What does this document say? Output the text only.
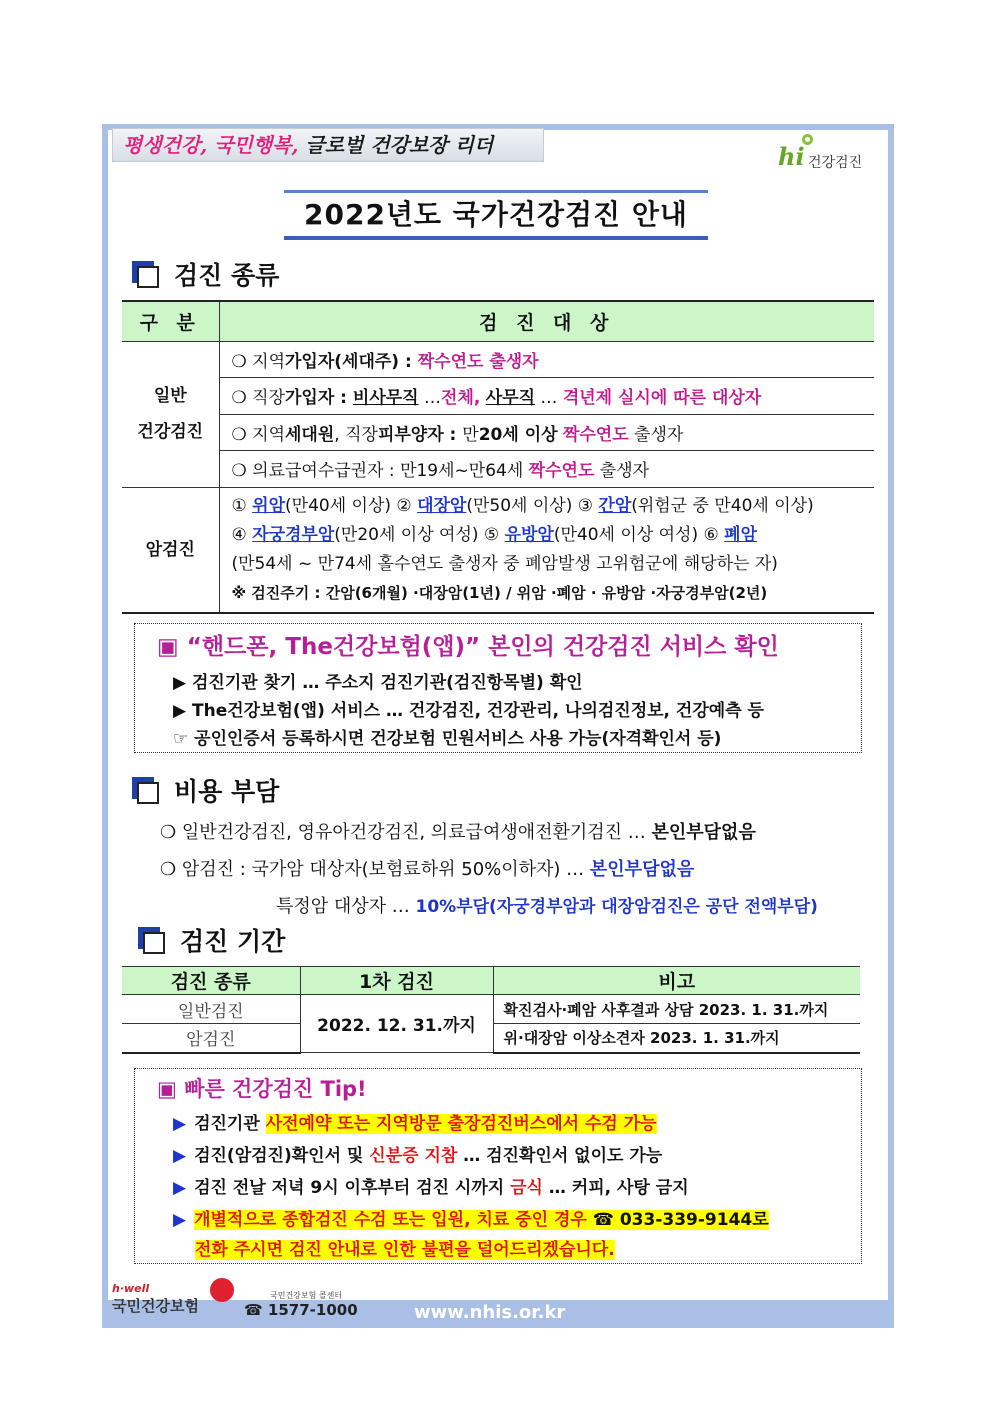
평생건강, 국민행복, 글로벌 건강보장 리더	hi 건강검진
2022년도 국가건강검진 안내
검진 종류
구 분	검 진 대 상
일반
건강검진	❍ 지역가입자(세대주) : 짝수연도 출생자
	❍ 직장가입자 : 비사무직 …전체, 사무직 … 격년제 실시에 따른 대상자
	❍ 지역세대원, 직장피부양자 : 만20세 이상 짝수연도 출생자
	❍ 의료급여수급권자 : 만19세~만64세 짝수연도 출생자
암검진	① 위암(만40세 이상) ② 대장암(만50세 이상) ③ 간암(위험군 중 만40세 이상)
④ 자궁경부암(만20세 이상 여성) ⑤ 유방암(만40세 이상 여성) ⑥ 폐암
(만54세 ~ 만74세 홀수연도 출생자 중 폐암발생 고위험군에 해당하는 자)
※ 검진주기 : 간암(6개월) ·대장암(1년) / 위암 ·폐암 · 유방암 ·자궁경부암(2년)
▣ “핸드폰, The건강보험(앱)” 본인의 건강검진 서비스 확인
▶ 검진기관 찾기 … 주소지 검진기관(검진항목별) 확인
▶ The건강보험(앱) 서비스 … 건강검진, 건강관리, 나의검진정보, 건강예측 등
☞ 공인인증서 등록하시면 건강보험 민원서비스 사용 가능(자격확인서 등)
비용 부담
❍ 일반건강검진, 영유아건강검진, 의료급여생애전환기검진 … 본인부담없음
❍ 암검진 : 국가암 대상자(보험료하위 50%이하자) … 본인부담없음
특정암 대상자 … 10%부담(자궁경부암과 대장암검진은 공단 전액부담)
검진 기간
검진 종류	1차 검진	비고
일반검진	2022. 12. 31.까지	확진검사·폐암 사후결과 상담 2023. 1. 31.까지
암검진		위·대장암 이상소견자 2023. 1. 31.까지
▣ 빠른 건강검진 Tip!
▶ 검진기관 사전예약 또는 지역방문 출장검진버스에서 수검 가능
▶ 검진(암검진)확인서 및 신분증 지참 … 검진확인서 없이도 가능
▶ 검진 전날 저녁 9시 이후부터 검진 시까지 금식 … 커피, 사탕 금지
▶ 개별적으로 종합검진 수검 또는 입원, 치료 중인 경우 ☎ 033-339-9144로
전화 주시면 검진 안내로 인한 불편을 덜어드리겠습니다.
h·well
국민건강보험
국민건강보험 콜센터
☎ 1577-1000	www.nhis.or.kr
